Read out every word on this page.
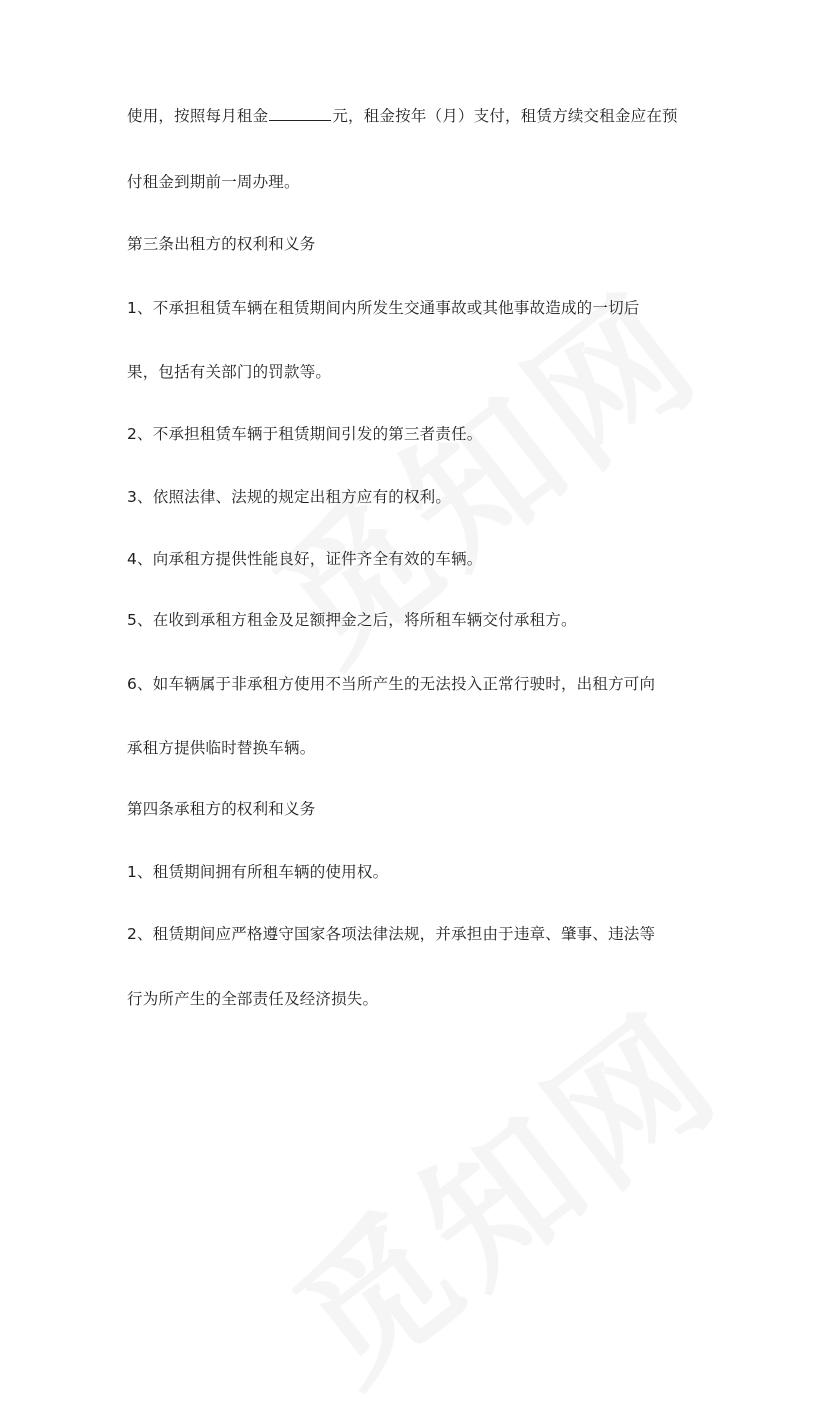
使用，按照每月租金	元，租金按年（月）支付，租赁方续交租金应在预
付租金到期前一周办理。
第三条出租方的权利和义务
1、不承担租赁车辆在租赁期间内所发生交通事故或其他事故造成的一切后
果，包括有关部门的罚款等。
2、不承担租赁车辆于租赁期间引发的第三者责任。
3、依照法律、法规的规定出租方应有的权利。
4、向承租方提供性能良好，证件齐全有效的车辆。
5、在收到承租方租金及足额押金之后，将所租车辆交付承租方。
6、如车辆属于非承租方使用不当所产生的无法投入正常行驶时，出租方可向
承租方提供临时替换车辆。
第四条承租方的权利和义务
1、租赁期间拥有所租车辆的使用权。
2、租赁期间应严格遵守国家各项法律法规，并承担由于违章、肇事、违法等
行为所产生的全部责任及经济损失。
